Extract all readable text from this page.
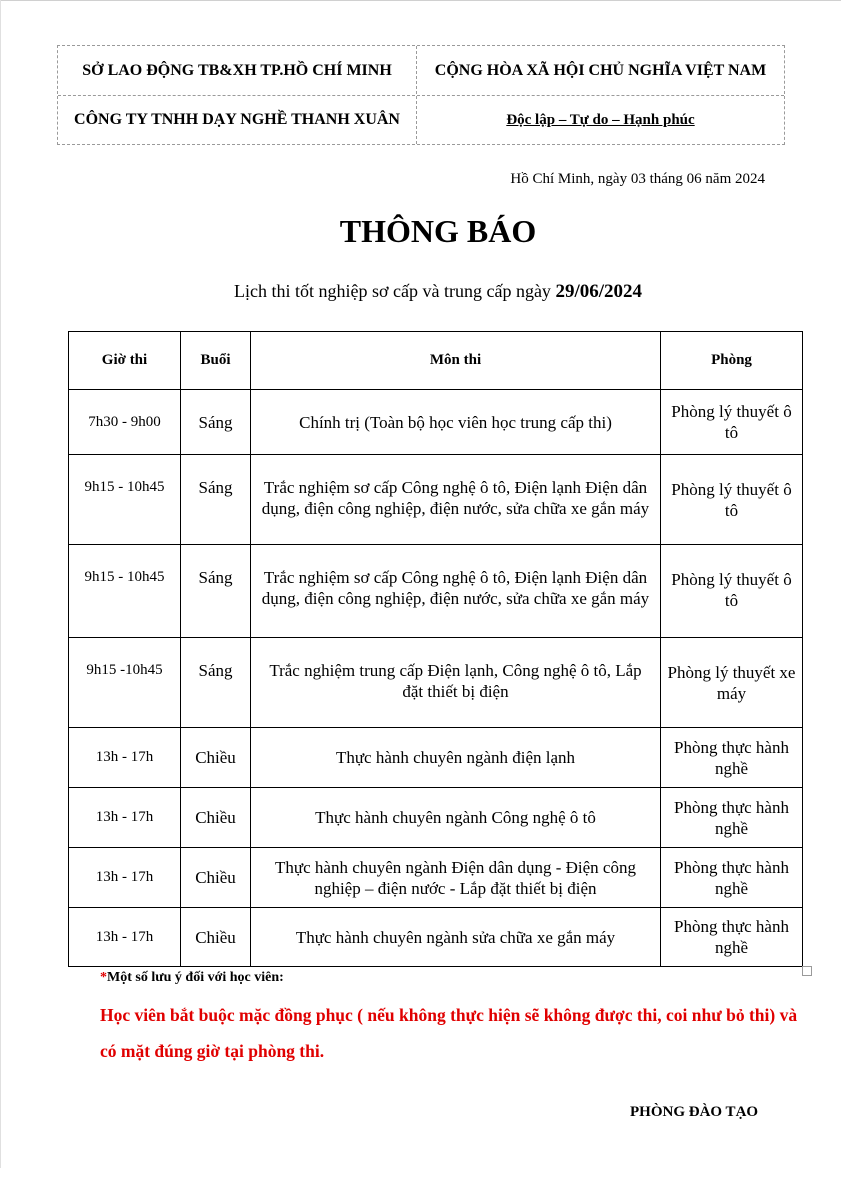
SỞ LAO ĐỘNG TB&XH TP.HỒ CHÍ MINH	CỘNG HÒA XÃ HỘI CHỦ NGHĨA VIỆT NAM
CÔNG TY TNHH DẠY NGHỀ THANH XUÂN	Độc lập – Tự do – Hạnh phúc
Hồ Chí Minh, ngày 03 tháng 06 năm 2024
THÔNG BÁO
Lịch thi tốt nghiệp sơ cấp và trung cấp ngày 29/06/2024
Giờ thi	Buổi	Môn thi	Phòng
7h30 - 9h00	Sáng	Chính trị (Toàn bộ học viên học trung cấp thi)	Phòng lý thuyết ô tô
9h15 - 10h45	Sáng	Trắc nghiệm sơ cấp Công nghệ ô tô, Điện lạnh Điện dân dụng, điện công nghiệp, điện nước, sửa chữa xe gắn máy	Phòng lý thuyết ô tô
9h15 - 10h45	Sáng	Trắc nghiệm sơ cấp Công nghệ ô tô, Điện lạnh Điện dân dụng, điện công nghiệp, điện nước, sửa chữa xe gắn máy	Phòng lý thuyết ô tô
9h15 -10h45	Sáng	Trắc nghiệm trung cấp Điện lạnh, Công nghệ ô tô, Lắp đặt thiết bị điện	Phòng lý thuyết xe máy
13h - 17h	Chiều	Thực hành chuyên ngành điện lạnh	Phòng thực hành nghề
13h - 17h	Chiều	Thực hành chuyên ngành Công nghệ ô tô	Phòng thực hành nghề
13h - 17h	Chiều	Thực hành chuyên ngành Điện dân dụng - Điện công nghiệp – điện nước - Lắp đặt thiết bị điện	Phòng thực hành nghề
13h - 17h	Chiều	Thực hành chuyên ngành sửa chữa xe gắn máy	Phòng thực hành nghề
*Một số lưu ý đối với học viên:
Học viên bắt buộc mặc đồng phục ( nếu không thực hiện sẽ không được thi, coi như bỏ thi) và có mặt đúng giờ tại phòng thi.
PHÒNG ĐÀO TẠO
